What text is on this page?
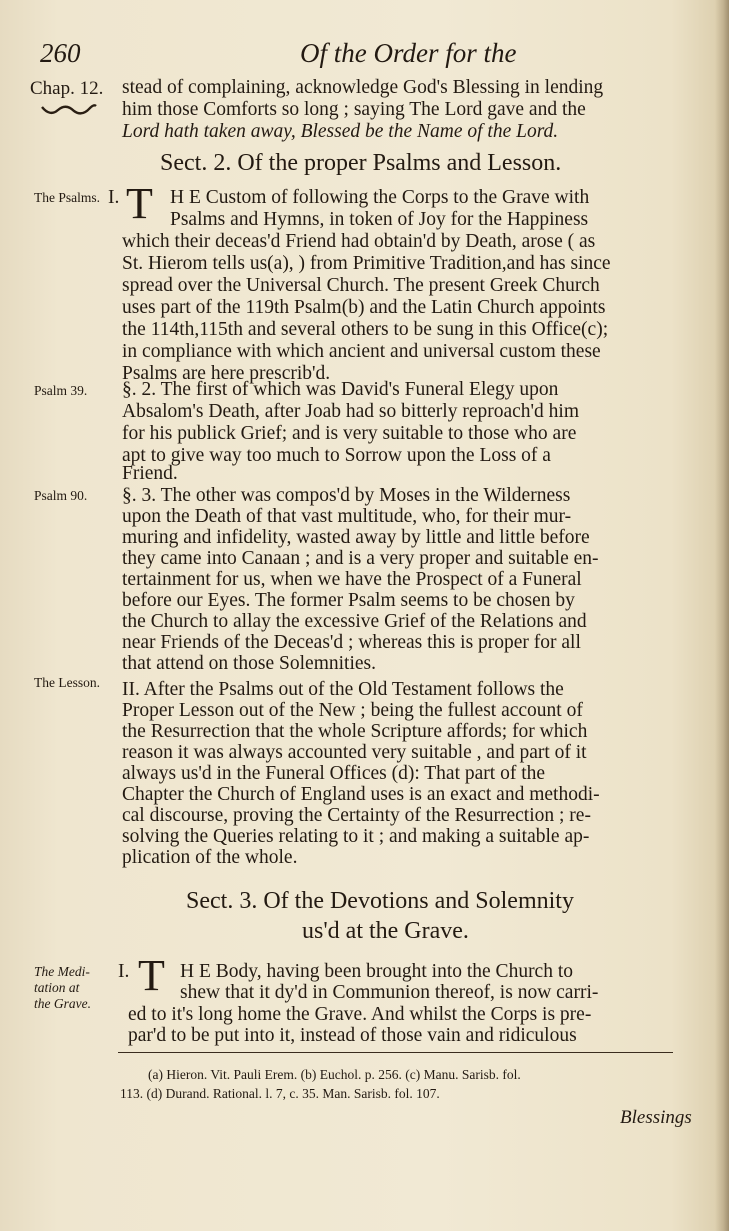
260	Of the Order for the
Chap. 12. stead of complaining, acknowledge God's Blessing in lending
him those Comforts so long ; saying The Lord gave and the
Lord hath taken away, Blessed be the Name of the Lord.
Sect. 2. Of the proper Psalms and Lesson.
The Psalms. I. T H E Custom of following the Corps to the Grave with
Psalms and Hymns, in token of Joy for the Happiness
which their deceas'd Friend had obtain'd by Death, arose ( as
St. Hierom tells us(a), ) from Primitive Tradition,and has since
spread over the Universal Church. The present Greek Church
uses part of the 119th Psalm(b) and the Latin Church appoints
the 114th,115th and several others to be sung in this Office(c);
in compliance with which ancient and universal custom these
Psalms are here prescrib'd.
Psalm 39. §. 2. The first of which was David's Funeral Elegy upon
Absalom's Death, after Joab had so bitterly reproach'd him
for his publick Grief; and is very suitable to those who are
apt to give way too much to Sorrow upon the Loss of a
Friend.
Psalm 90. §. 3. The other was compos'd by Moses in the Wilderness
upon the Death of that vast multitude, who, for their mur-
muring and infidelity, wasted away by little and little before
they came into Canaan ; and is a very proper and suitable en-
tertainment for us, when we have the Prospect of a Funeral
before our Eyes. The former Psalm seems to be chosen by
the Church to allay the excessive Grief of the Relations and
near Friends of the Deceas'd ; whereas this is proper for all
that attend on those Solemnities.
The Lesson. II. After the Psalms out of the Old Testament follows the
Proper Lesson out of the New ; being the fullest account of
the Resurrection that the whole Scripture affords; for which
reason it was always accounted very suitable , and part of it
always us'd in the Funeral Offices (d): That part of the
Chapter the Church of England uses is an exact and methodi-
cal discourse, proving the Certainty of the Resurrection ; re-
solving the Queries relating to it ; and making a suitable ap-
plication of the whole.
Sect. 3. Of the Devotions and Solemnity
us'd at the Grave.
The Medi-
tation at
the Grave.
I. T H E Body, having been brought into the Church to
shew that it dy'd in Communion thereof, is now carri-
ed to it's long home the Grave. And whilst the Corps is pre-
par'd to be put into it, instead of those vain and ridiculous
(a) Hieron. Vit. Pauli Erem. (b) Euchol. p. 256. (c) Manu. Sarisb. fol.
113. (d) Durand. Rational. l. 7, c. 35. Man. Sarisb. fol. 107.
Blessings
